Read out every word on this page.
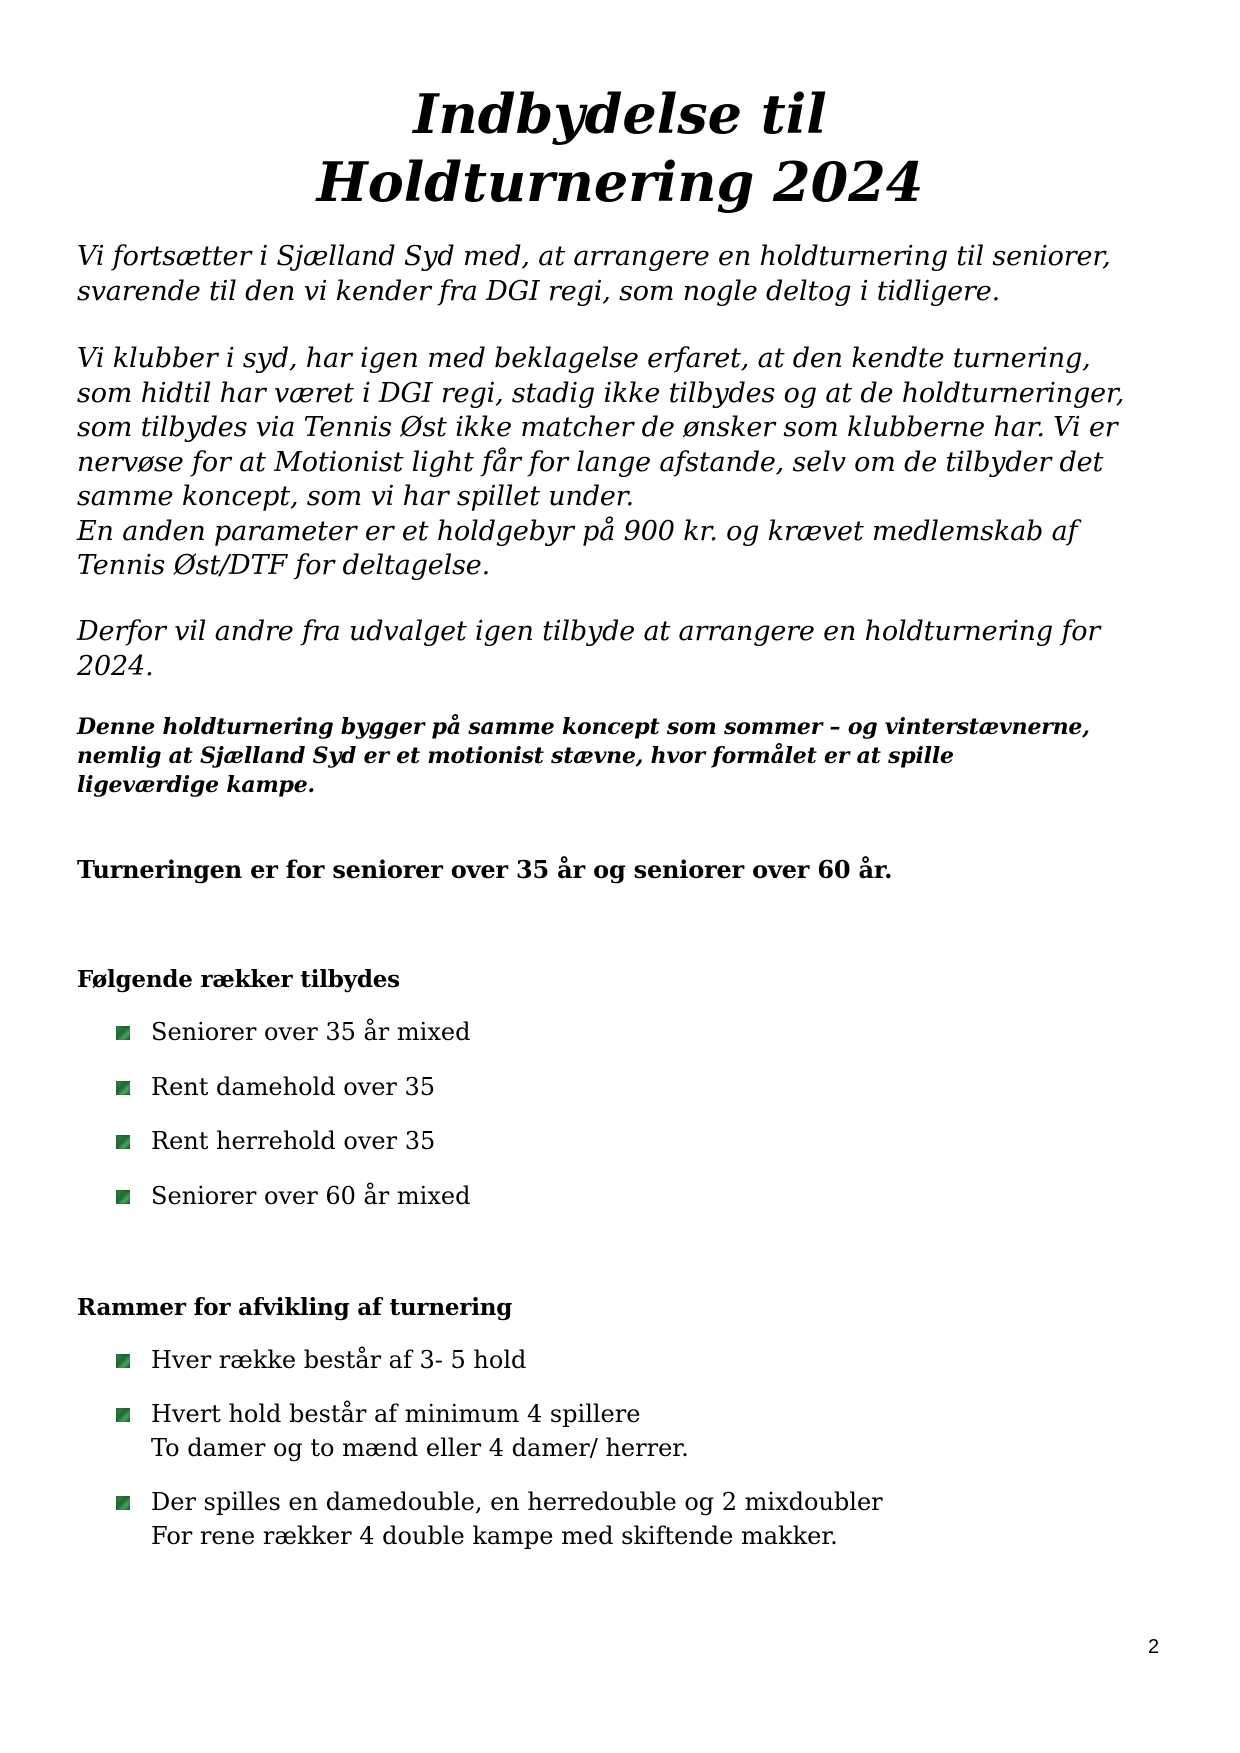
Indbydelse til
Holdturnering 2024

Vi fortsætter i Sjælland Syd med, at arrangere en holdturnering til seniorer,
svarende til den vi kender fra DGI regi, som nogle deltog i tidligere.

Vi klubber i syd, har igen med beklagelse erfaret, at den kendte turnering,
som hidtil har været i DGI regi, stadig ikke tilbydes og at de holdturneringer,
som tilbydes via Tennis Øst ikke matcher de ønsker som klubberne har. Vi er
nervøse for at Motionist light får for lange afstande, selv om de tilbyder det
samme koncept, som vi har spillet under.
En anden parameter er et holdgebyr på 900 kr. og krævet medlemskab af
Tennis Øst/DTF for deltagelse.

Derfor vil andre fra udvalget igen tilbyde at arrangere en holdturnering for
2024.

Denne holdturnering bygger på samme koncept som sommer – og vinterstævnerne,
nemlig at Sjælland Syd er et motionist stævne, hvor formålet er at spille
ligeværdige kampe.

Turneringen er for seniorer over 35 år og seniorer over 60 år.

Følgende rækker tilbydes

Seniorer over 35 år mixed
Rent damehold over 35
Rent herrehold over 35
Seniorer over 60 år mixed

Rammer for afvikling af turnering

Hver række består af 3- 5 hold
Hvert hold består af minimum 4 spillere
To damer og to mænd eller 4 damer/ herrer.
Der spilles en damedouble, en herredouble og 2 mixdoubler
For rene rækker 4 double kampe med skiftende makker.
2
